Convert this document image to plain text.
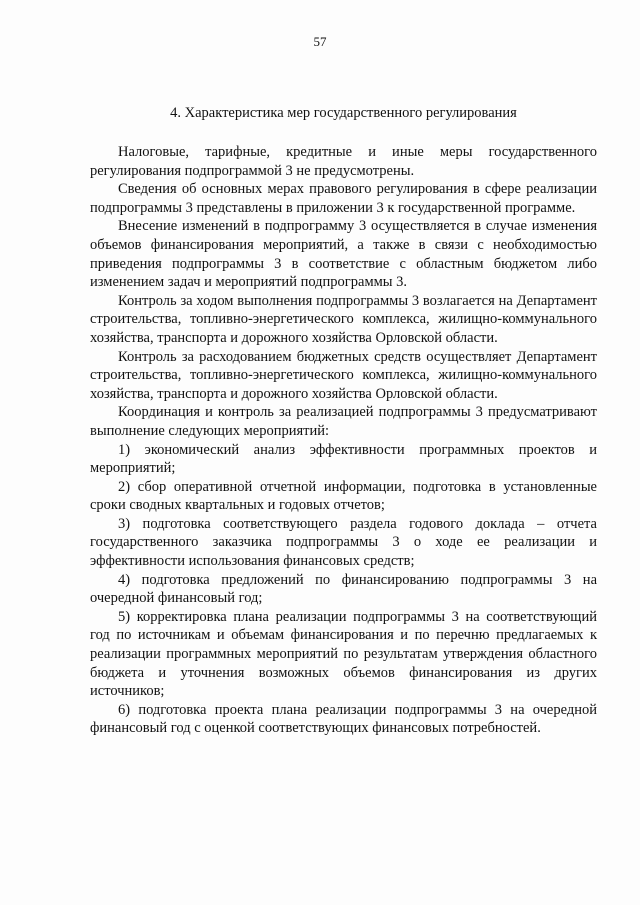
57
4. Характеристика мер государственного регулирования

Налоговые, тарифные, кредитные и иные меры государственного регулирования подпрограммой 3 не предусмотрены.

Сведения об основных мерах правового регулирования в сфере реализации подпрограммы 3 представлены в приложении 3 к государственной программе.

Внесение изменений в подпрограмму 3 осуществляется в случае изменения объемов финансирования мероприятий, а также в связи с необходимостью приведения подпрограммы 3 в соответствие с областным бюджетом либо изменением задач и мероприятий подпрограммы 3.

Контроль за ходом выполнения подпрограммы 3 возлагается на Департамент строительства, топливно-энергетического комплекса, жилищно-коммунального хозяйства, транспорта и дорожного хозяйства Орловской области.

Контроль за расходованием бюджетных средств осуществляет Департамент строительства, топливно-энергетического комплекса, жилищно-коммунального хозяйства, транспорта и дорожного хозяйства Орловской области.

Координация и контроль за реализацией подпрограммы 3 предусматривают выполнение следующих мероприятий:

1) экономический анализ эффективности программных проектов и мероприятий;

2) сбор оперативной отчетной информации, подготовка в установленные сроки сводных квартальных и годовых отчетов;

3) подготовка соответствующего раздела годового доклада – отчета государственного заказчика подпрограммы 3 о ходе ее реализации и эффективности использования финансовых средств;

4) подготовка предложений по финансированию подпрограммы 3 на очередной финансовый год;

5) корректировка плана реализации подпрограммы 3 на соответствующий год по источникам и объемам финансирования и по перечню предлагаемых к реализации программных мероприятий по результатам утверждения областного бюджета и уточнения возможных объемов финансирования из других источников;

6) подготовка проекта плана реализации подпрограммы 3 на очередной финансовый год с оценкой соответствующих финансовых потребностей.
